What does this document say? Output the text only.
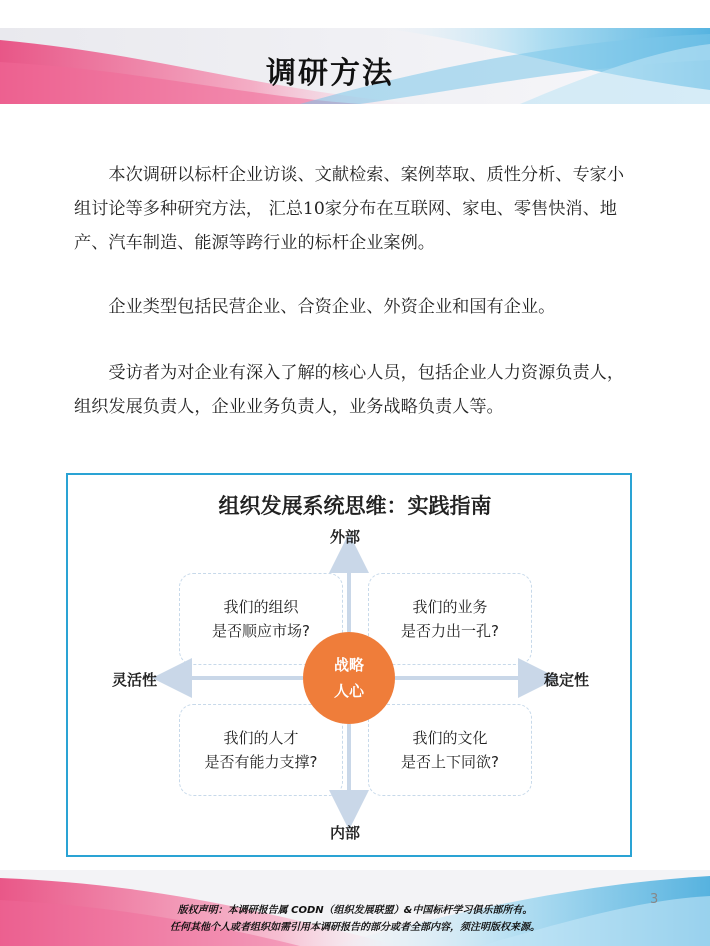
调研方法

本次调研以标杆企业访谈、文献检索、案例萃取、质性分析、专家小组讨论等多种研究方法， 汇总10家分布在互联网、家电、零售快消、地产、汽车制造、能源等跨行业的标杆企业案例。

企业类型包括民营企业、合资企业、外资企业和国有企业。

受访者为对企业有深入了解的核心人员，包括企业人力资源负责人，组织发展负责人，企业业务负责人，业务战略负责人等。

组织发展系统思维：实践指南
外部
内部
灵活性	稳定性
我们的组织
是否顺应市场?
我们的业务
是否力出一孔?
我们的人才
是否有能力支撑?
我们的文化
是否上下同欲?
战略
人心
版权声明：本调研报告属 CODN（组织发展联盟）&中国标杆学习俱乐部所有。
任何其他个人或者组织如需引用本调研报告的部分或者全部内容，须注明版权来源。
3
